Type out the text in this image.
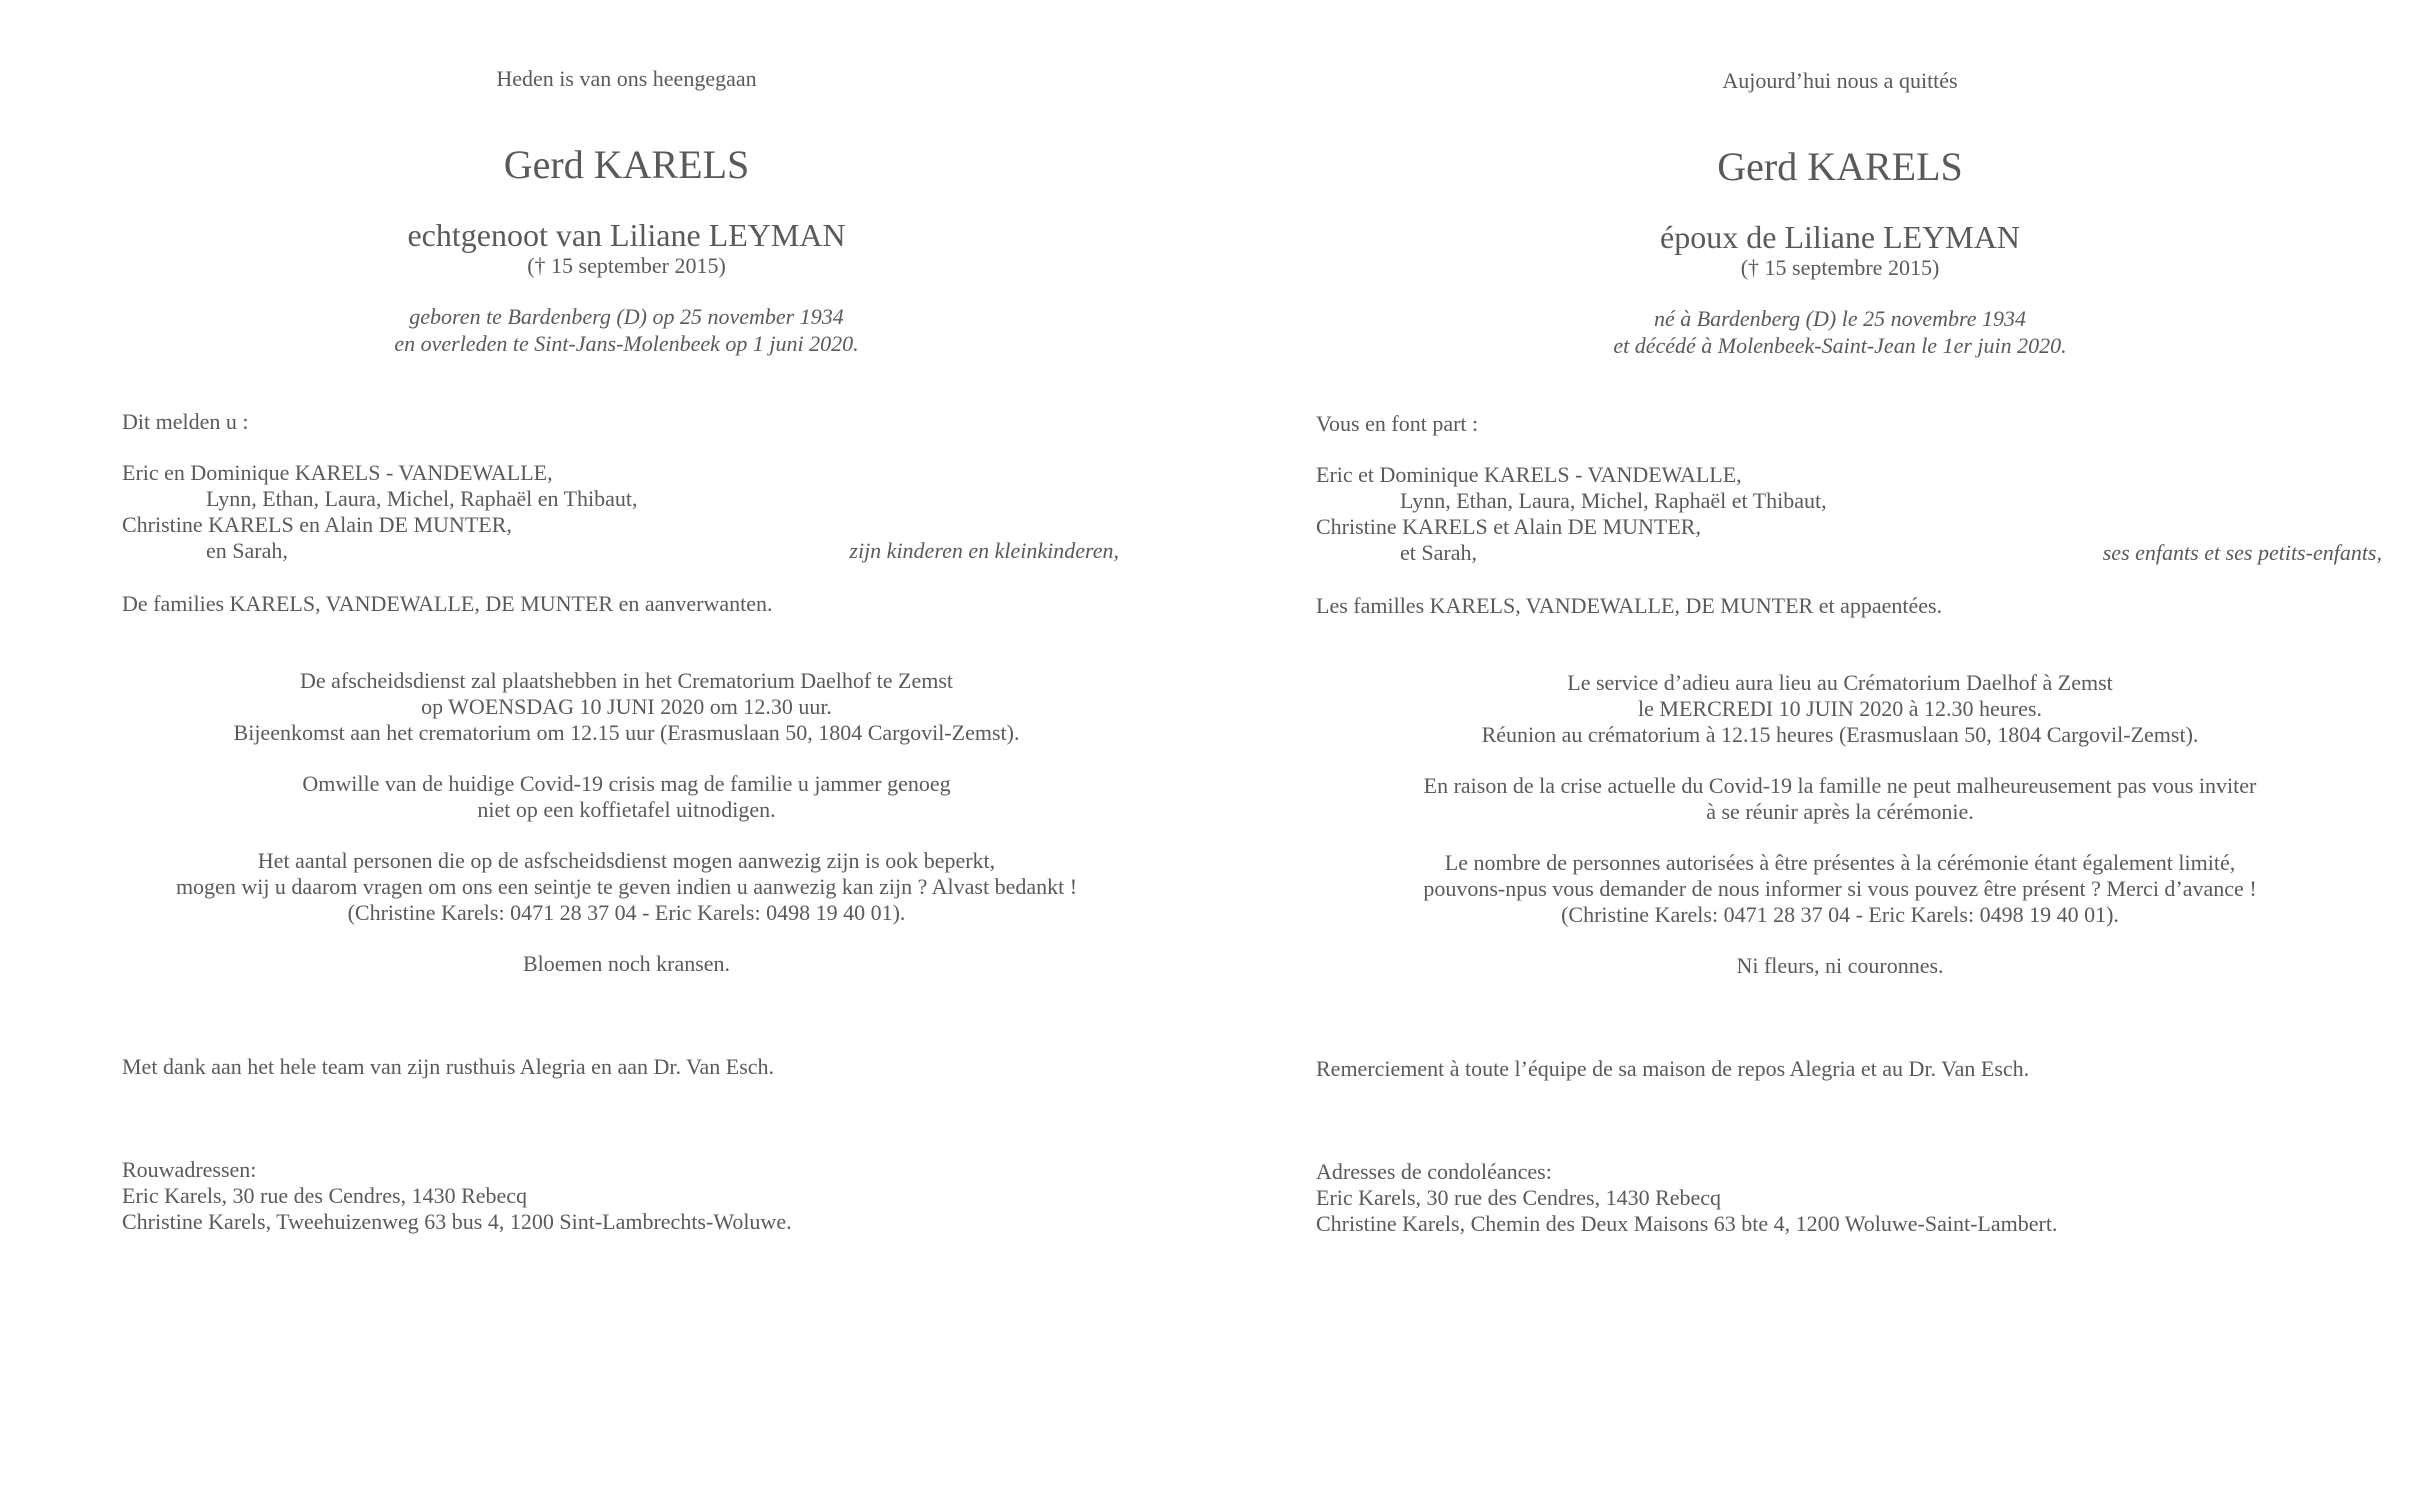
Heden is van ons heengegaan
Gerd KARELS
echtgenoot van Liliane LEYMAN
(† 15 september 2015)
geboren te Bardenberg (D) op 25 november 1934
en overleden te Sint-Jans-Molenbeek op 1 juni 2020.
Dit melden u :
Eric en Dominique KARELS - VANDEWALLE,
Lynn, Ethan, Laura, Michel, Raphaël en Thibaut,
Christine KARELS en Alain DE MUNTER,
en Sarah,	zijn kinderen en kleinkinderen,
De families KARELS, VANDEWALLE, DE MUNTER en aanverwanten.
De afscheidsdienst zal plaatshebben in het Crematorium Daelhof te Zemst
op WOENSDAG 10 JUNI 2020 om 12.30 uur.
Bijeenkomst aan het crematorium om 12.15 uur (Erasmuslaan 50, 1804 Cargovil-Zemst).
Omwille van de huidige Covid-19 crisis mag de familie u jammer genoeg
niet op een koffietafel uitnodigen.
Het aantal personen die op de asfscheidsdienst mogen aanwezig zijn is ook beperkt,
mogen wij u daarom vragen om ons een seintje te geven indien u aanwezig kan zijn ? Alvast bedankt !
(Christine Karels: 0471 28 37 04 - Eric Karels: 0498 19 40 01).
Bloemen noch kransen.
Met dank aan het hele team van zijn rusthuis Alegria en aan Dr. Van Esch.
Rouwadressen:
Eric Karels, 30 rue des Cendres, 1430 Rebecq
Christine Karels, Tweehuizenweg 63 bus 4, 1200 Sint-Lambrechts-Woluwe.
Aujourd’hui nous a quittés
Gerd KARELS
époux de Liliane LEYMAN
(† 15 septembre 2015)
né à Bardenberg (D) le 25 novembre 1934
et décédé à Molenbeek-Saint-Jean le 1er juin 2020.
Vous en font part :
Eric et Dominique KARELS - VANDEWALLE,
Lynn, Ethan, Laura, Michel, Raphaël et Thibaut,
Christine KARELS et Alain DE MUNTER,
et Sarah,	ses enfants et ses petits-enfants,
Les familles KARELS, VANDEWALLE, DE MUNTER et appaentées.
Le service d’adieu aura lieu au Crématorium Daelhof à Zemst
le MERCREDI 10 JUIN 2020 à 12.30 heures.
Réunion au crématorium à 12.15 heures (Erasmuslaan 50, 1804 Cargovil-Zemst).
En raison de la crise actuelle du Covid-19 la famille ne peut malheureusement pas vous inviter
à se réunir après la cérémonie.
Le nombre de personnes autorisées à être présentes à la cérémonie étant également limité,
pouvons-npus vous demander de nous informer si vous pouvez être présent ? Merci d’avance !
(Christine Karels: 0471 28 37 04 - Eric Karels: 0498 19 40 01).
Ni fleurs, ni couronnes.
Remerciement à toute l’équipe de sa maison de repos Alegria et au Dr. Van Esch.
Adresses de condoléances:
Eric Karels, 30 rue des Cendres, 1430 Rebecq
Christine Karels, Chemin des Deux Maisons 63 bte 4, 1200 Woluwe-Saint-Lambert.
